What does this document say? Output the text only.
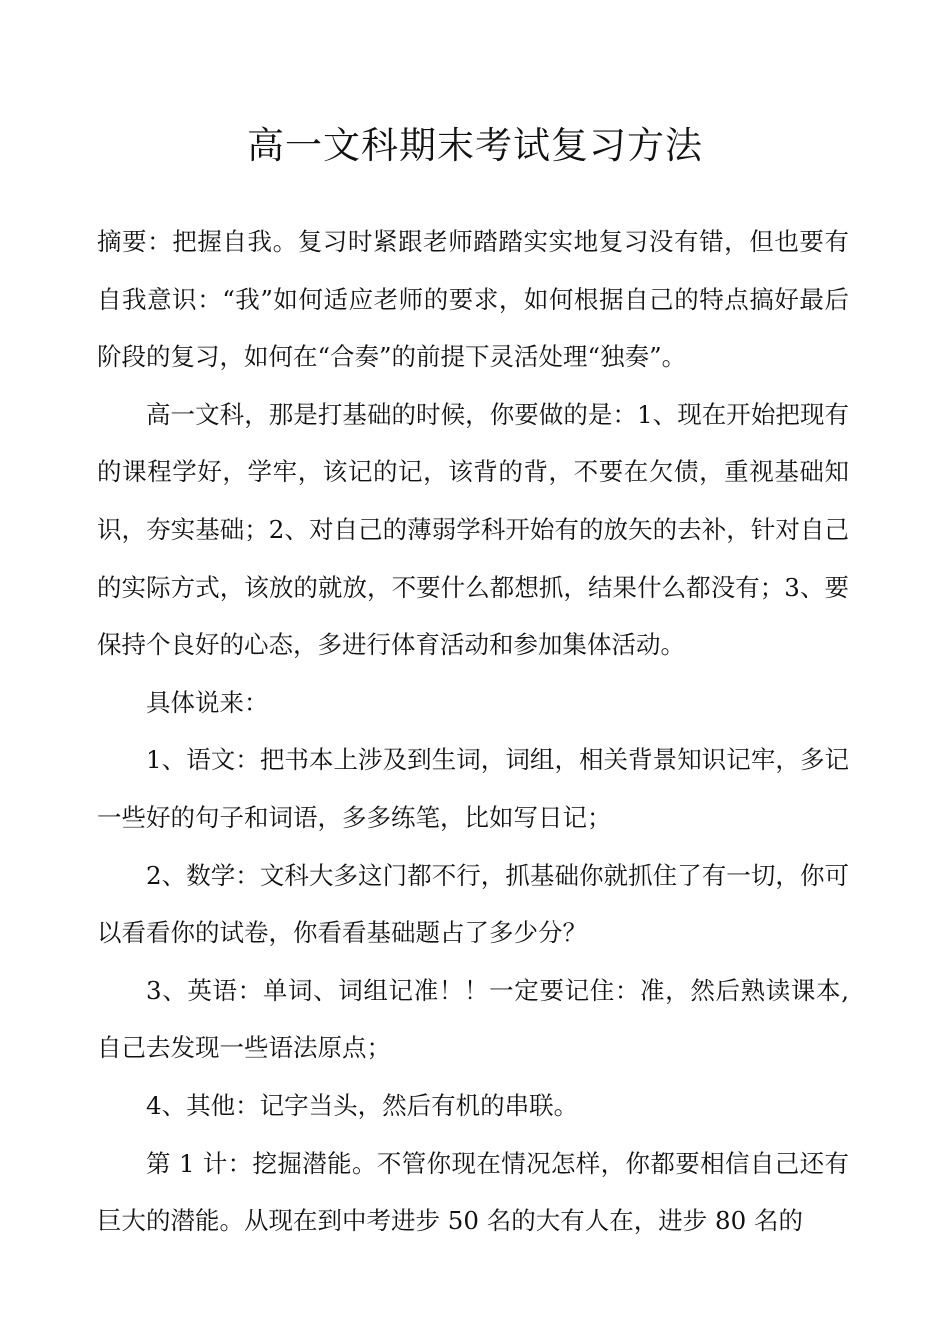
高一文科期末考试复习方法

摘要：把握自我。复习时紧跟老师踏踏实实地复习没有错，但也要有自我意识：“我”如何适应老师的要求，如何根据自己的特点搞好最后阶段的复习，如何在“合奏”的前提下灵活处理“独奏”。

高一文科，那是打基础的时候，你要做的是：1、现在开始把现有的课程学好，学牢，该记的记，该背的背，不要在欠债，重视基础知识，夯实基础；2、对自己的薄弱学科开始有的放矢的去补，针对自己的实际方式，该放的就放，不要什么都想抓，结果什么都没有；3、要保持个良好的心态，多进行体育活动和参加集体活动。

具体说来：

1、语文：把书本上涉及到生词，词组，相关背景知识记牢，多记一些好的句子和词语，多多练笔，比如写日记；

2、数学：文科大多这门都不行，抓基础你就抓住了有一切，你可以看看你的试卷，你看看基础题占了多少分？

3、英语：单词、词组记准！！一定要记住：准，然后熟读课本, 自己去发现一些语法原点；

4、其他：记字当头，然后有机的串联。

第 1 计：挖掘潜能。不管你现在情况怎样，你都要相信自己还有巨大的潜能。从现在到中考进步 50 名的大有人在，进步 80 名的
